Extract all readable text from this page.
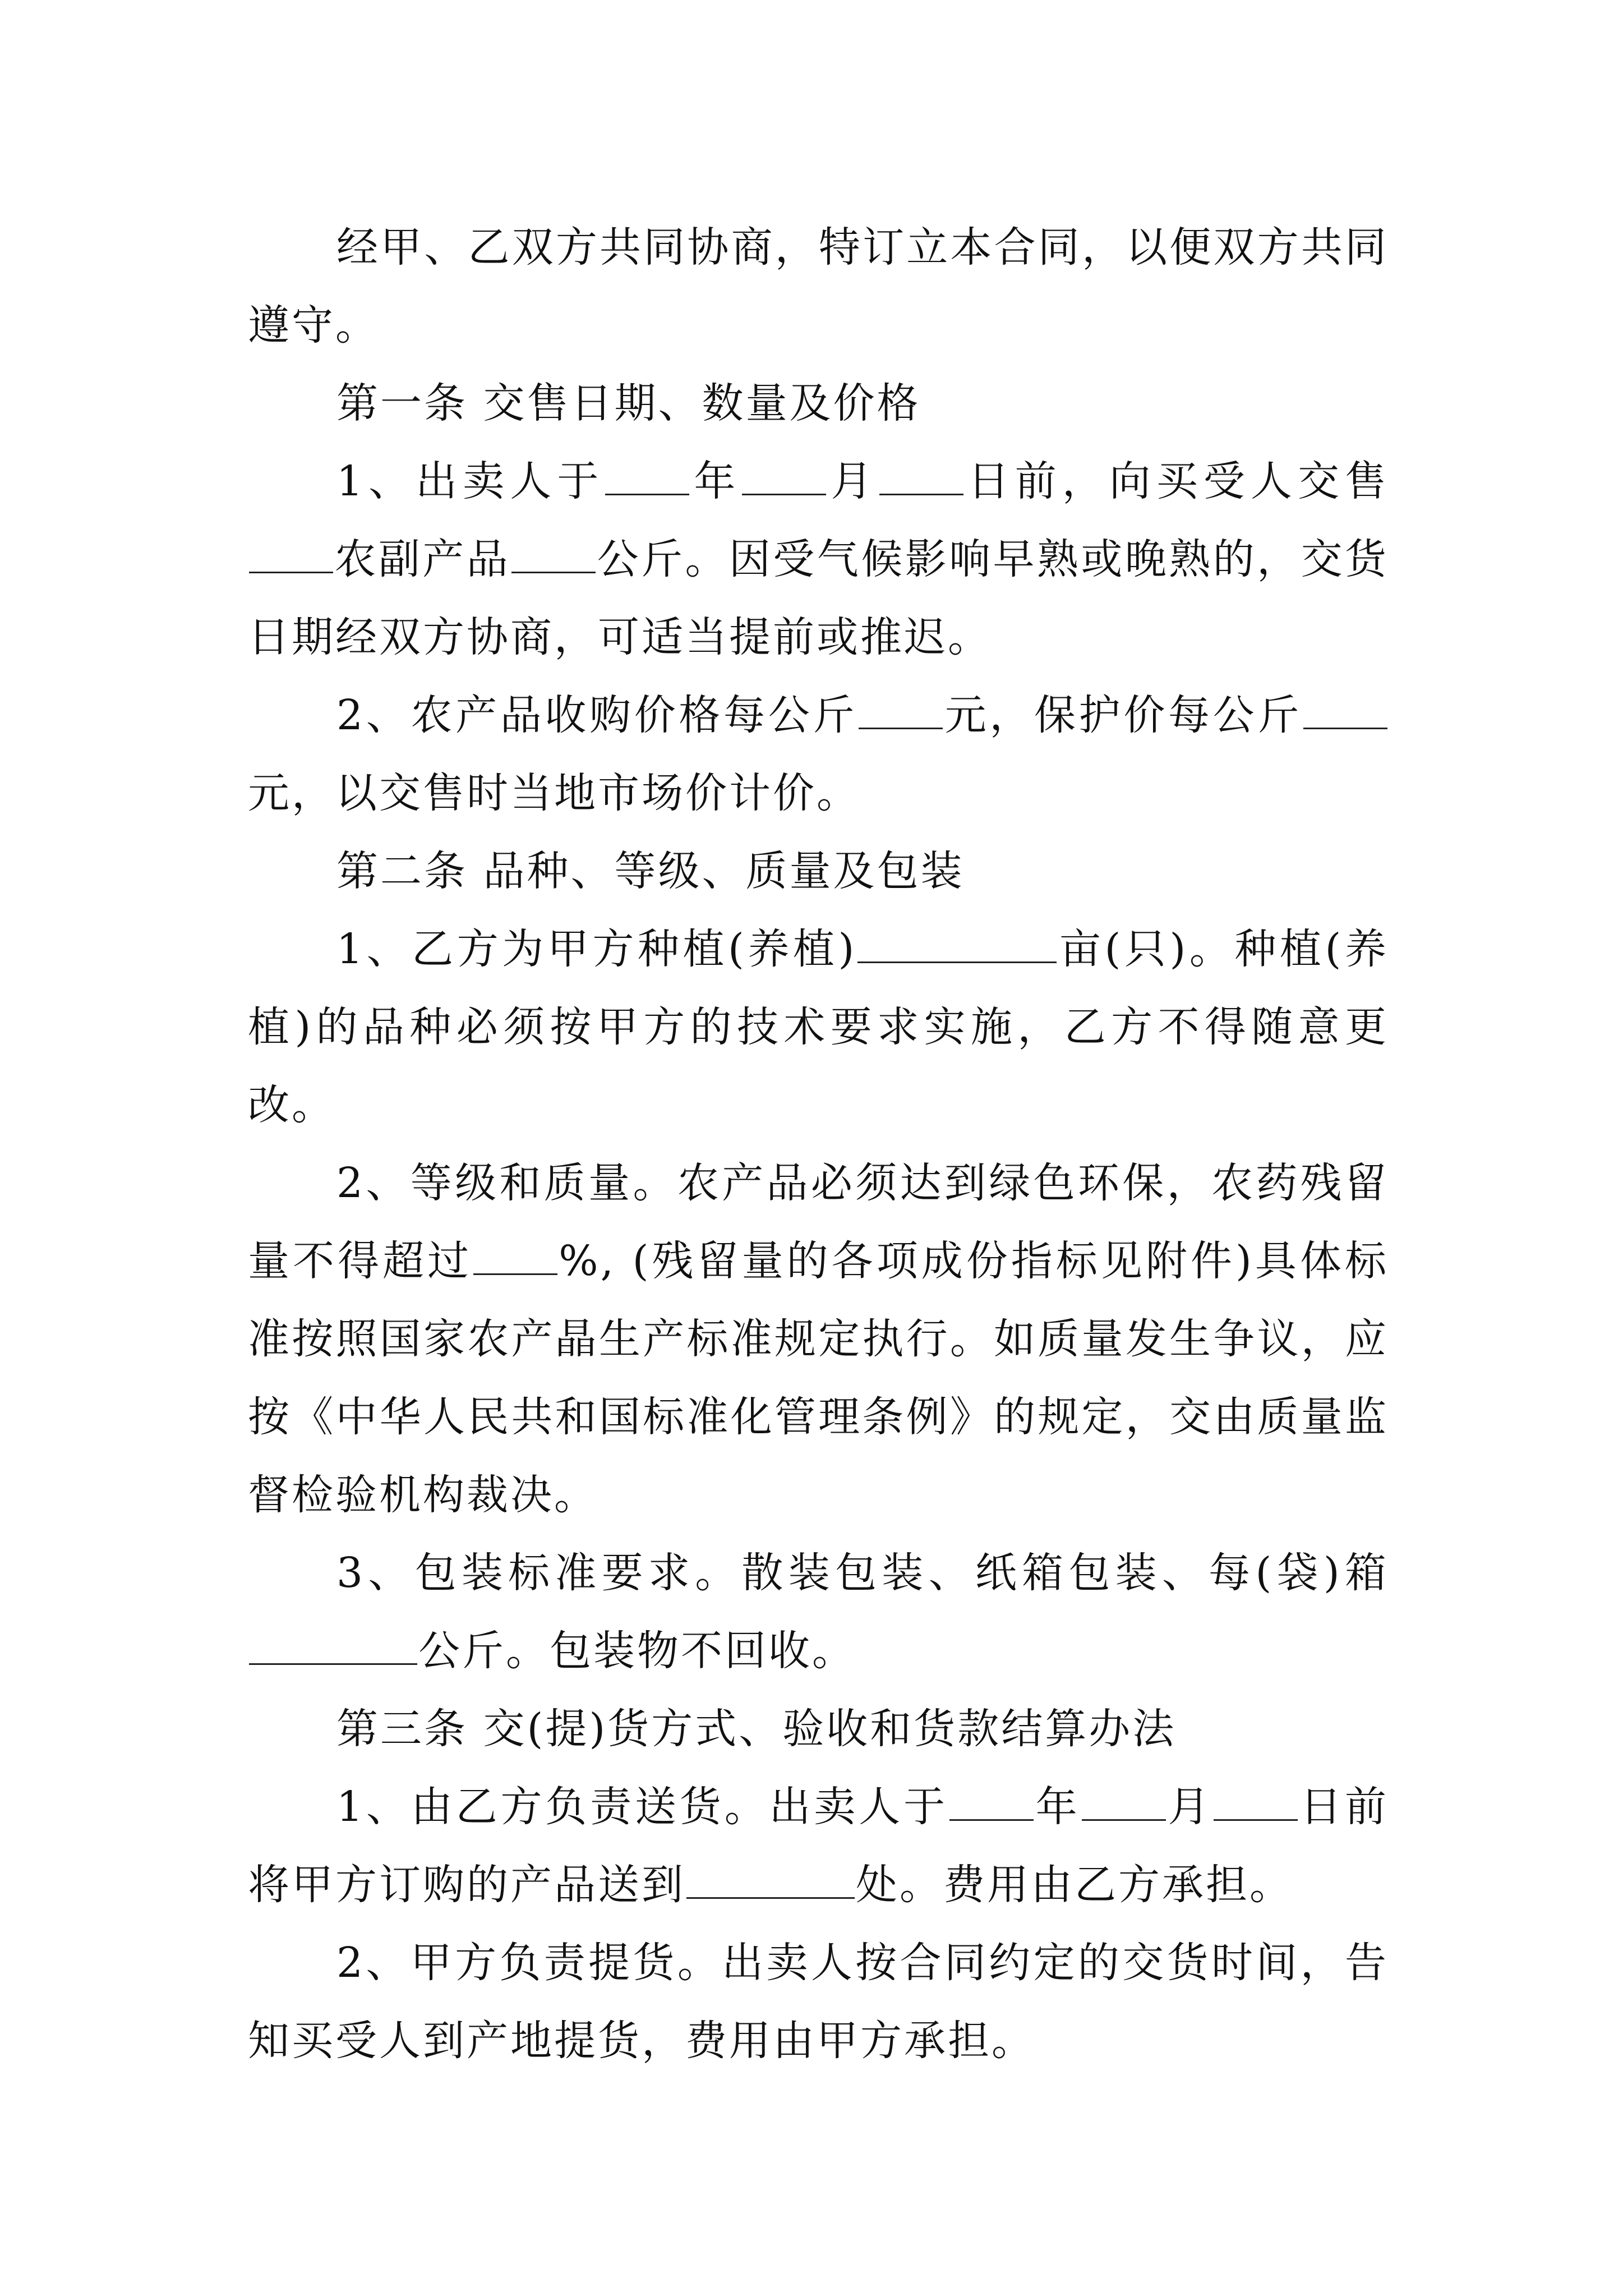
经甲、乙双方共同协商，特订立本合同，以便双方共同遵守。

第一条 交售日期、数量及价格

1、出卖人于 年 月 日前，向买受人交售农副产品 公斤。因受气候影响早熟或晚熟的，交货日期经双方协商，可适当提前或推迟。

2、农产品收购价格每公斤 元，保护价每公斤元，以交售时当地市场价计价。

第二条 品种、等级、质量及包装

1、乙方为甲方种植(养植)	亩(只)。种植(养植)的品种必须按甲方的技术要求实施，乙方不得随意更改。

2、等级和质量。农产品必须达到绿色环保，农药残留量不得超过 %, (残留量的各项成份指标见附件)具体标准按照国家农产晶生产标准规定执行。如质量发生争议，应按《中华人民共和国标准化管理条例》的规定，交由质量监督检验机构裁决。

3、包装标准要求。散装包装、纸箱包装、每(袋)箱公斤。包装物不回收。

第三条 交(提)货方式、验收和货款结算办法

1、由乙方负责送货。出卖人于 年 月 日前将甲方订购的产品送到	处。费用由乙方承担。

2、甲方负责提货。出卖人按合同约定的交货时间，告知买受人到产地提货，费用由甲方承担。
